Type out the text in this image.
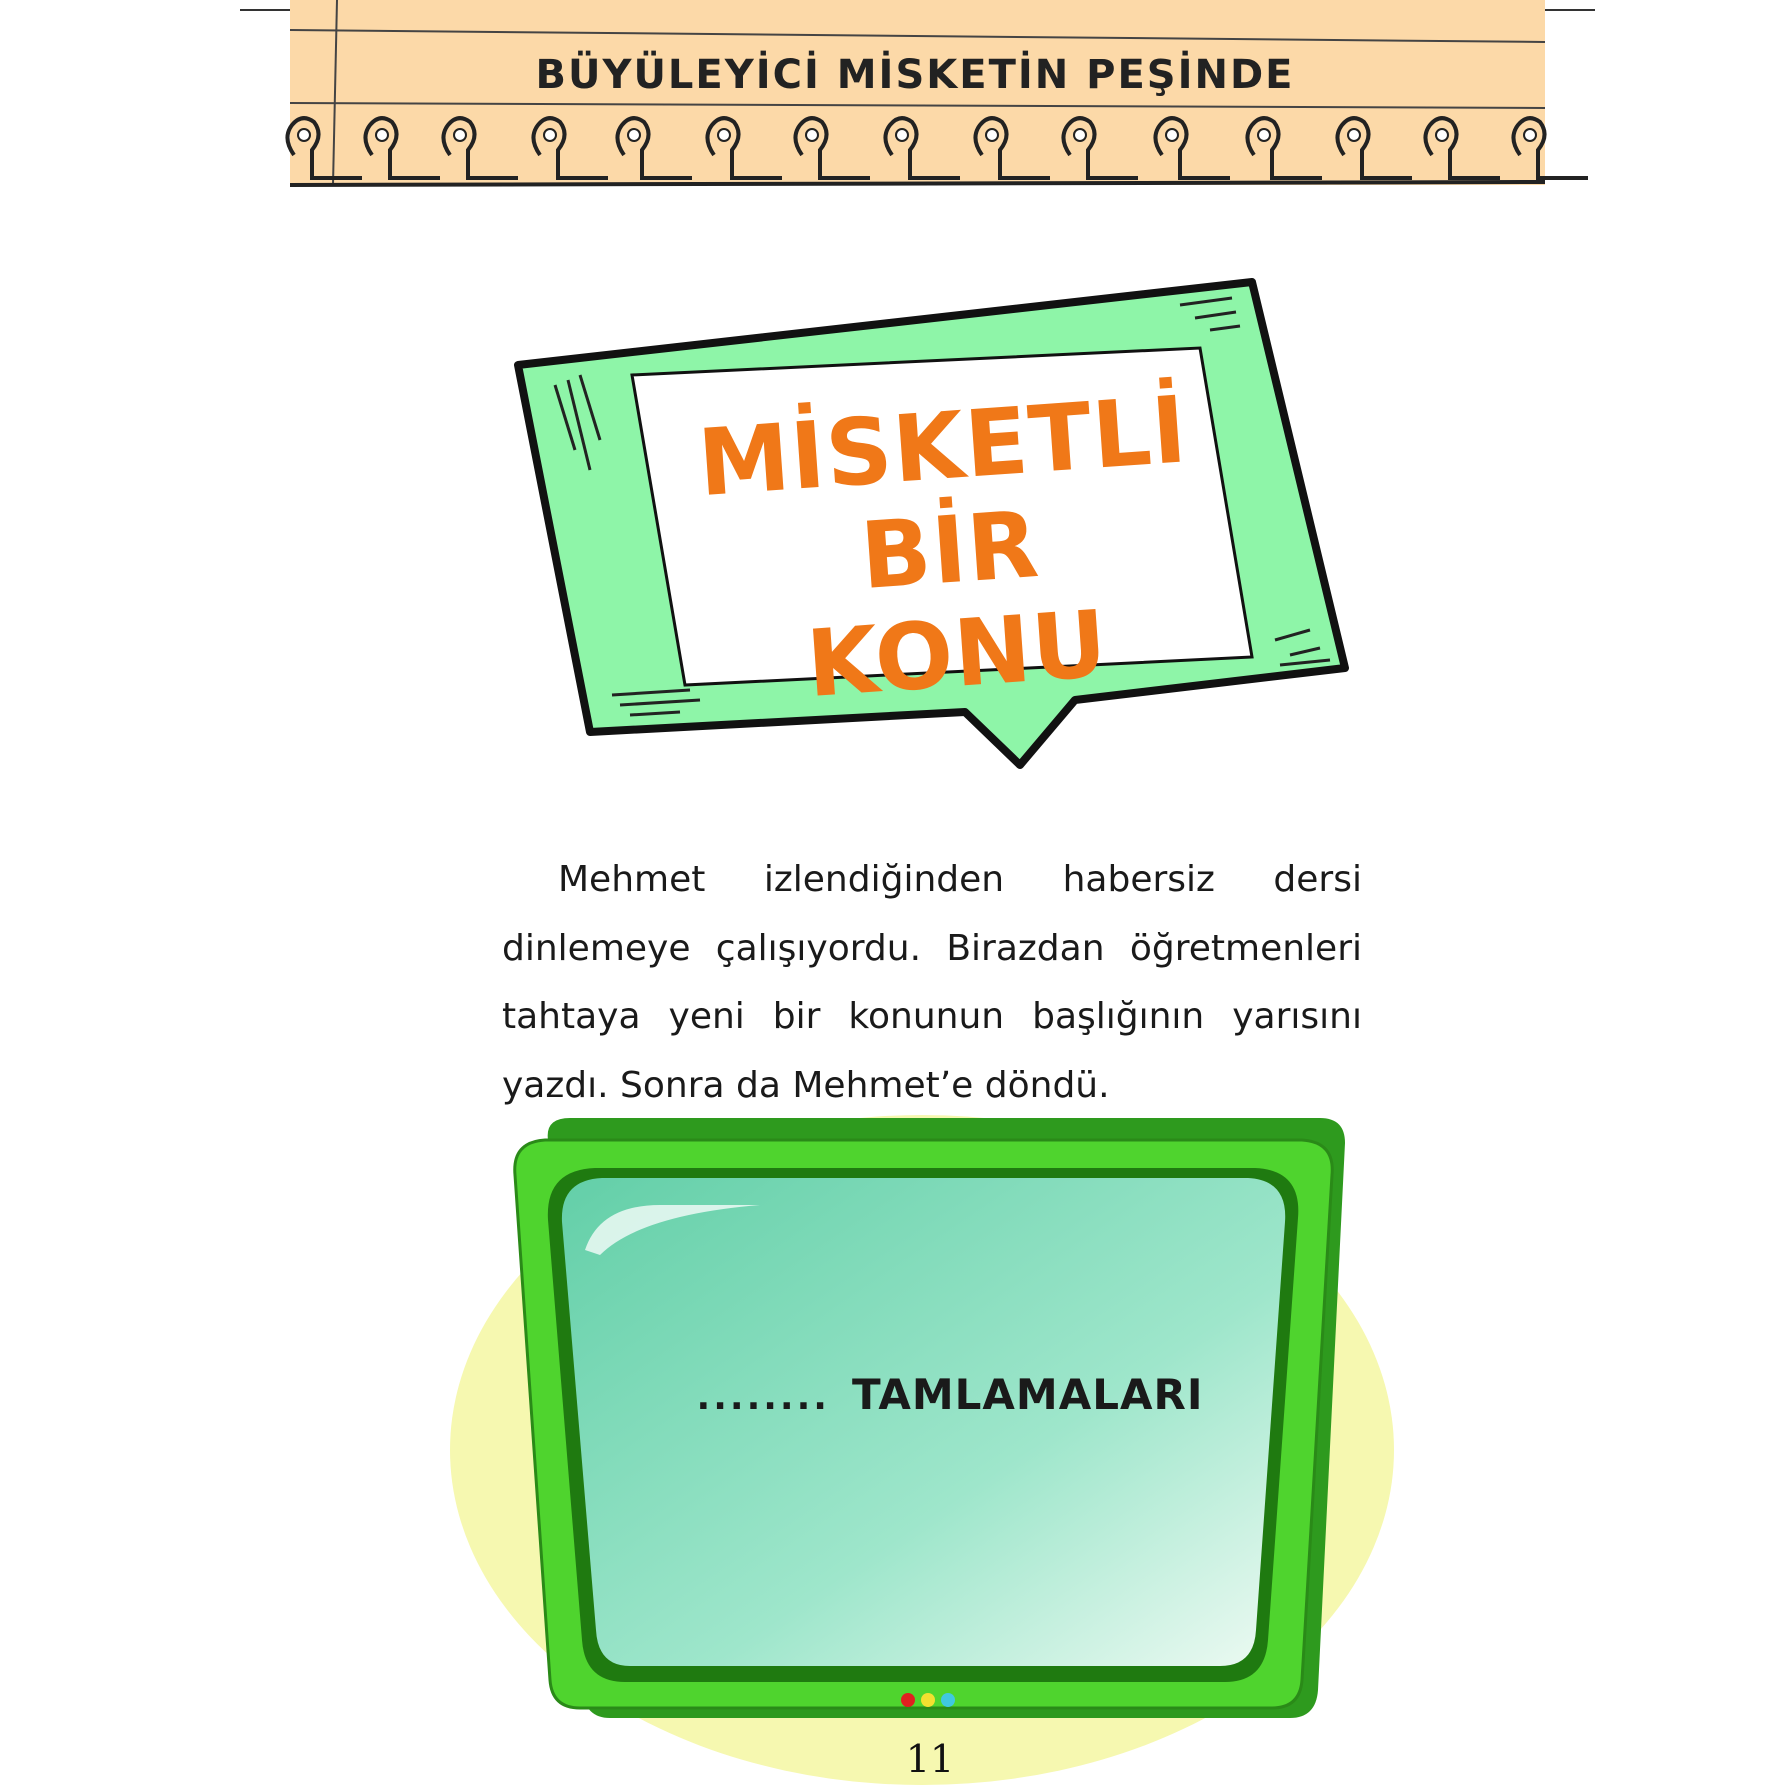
BÜYÜLEYİCİ MİSKETİN PEŞİNDE
MİSKETLİ BİR
KONU

Mehmet izlendiğinden habersiz dersi dinlemeye çalışıyordu. Birazdan öğretmenleri tahtaya yeni bir konunun başlığının yarısını yazdı. Sonra da Mehmet’e döndü.

........ TAMLAMALARI
11
